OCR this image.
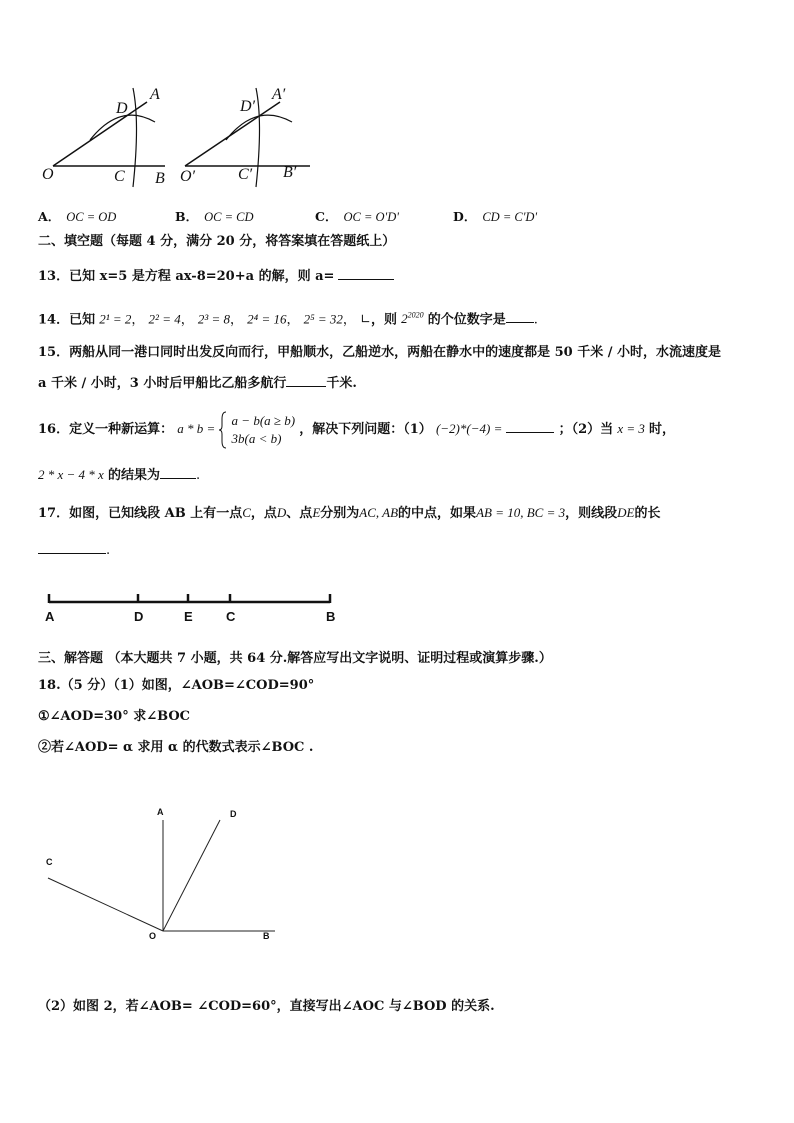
O	C B
D
A
O′	C′ B′
D′
A′
A． OC = OD	B． OC = CD	C． OC = O'D'	D． CD = C'D'
二、填空题（每题 4 分，满分 20 分，将答案填在答题纸上）
13．已知 x=5 是方程 ax-8=20+a 的解，则 a=
14．已知 2¹ = 2， 2² = 4， 2³ = 8， 2⁴ = 16， 2⁵ = 32， ∟，则 $2^{2020}$ 的个位数字是 .
15．两船从同一港口同时出发反向而行，甲船顺水，乙船逆水，两船在静水中的速度都是 50 千米 / 小时，水流速度是
a 千米 / 小时，3 小时后甲船比乙船多航行	千米.
16．定义一种新运算： a * b =
a − b(a ≥ b)
3b(a < b)
，解决下列问题：（1） (−2)*(−4) =	；（2）当 x = 3 时，
2 * x − 4 * x 的结果为	.
17．如图，已知线段 AB 上有一点C，点D、点E分别为AC, AB的中点，如果AB = 10, BC = 3，则线段DE的长
.
A	D	E	C	B
三、解答题 （本大题共 7 小题，共 64 分.解答应写出文字说明、证明过程或演算步骤.）
18.（5 分）（1）如图，∠AOB=∠COD=90°
①∠AOD=30° 求∠BOC
②若∠AOD= α 求用 α 的代数式表示∠BOC .
A	D
C
O	B
（2）如图 2，若∠AOB= ∠COD=60°，直接写出∠AOC 与∠BOD 的关系.
